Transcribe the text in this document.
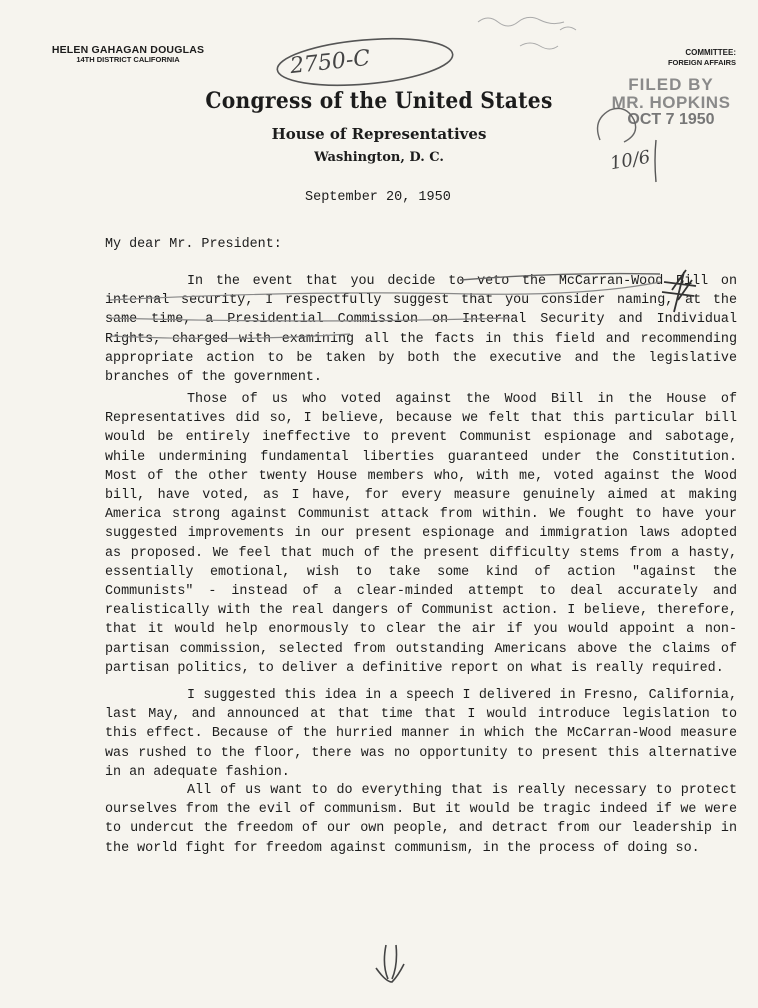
HELEN GAHAGAN DOUGLAS
14TH DISTRICT CALIFORNIA
COMMITTEE:
FOREIGN AFFAIRS
FILED BY
MR. HOPKINS
OCT 7 1950
Congress of the United States
House of Representatives
Washington, D. C.
2750-C
10/6
September 20, 1950
My dear Mr. President:
In the event that you decide to veto the McCarran-Wood Bill on internal security, I respectfully suggest that you consider naming, at the same time, a Presidential Commission on Internal Security and Individual Rights, charged with examining all the facts in this field and recommending appropriate action to be taken by both the executive and the legislative branches of the government.
Those of us who voted against the Wood Bill in the House of Representatives did so, I believe, because we felt that this particular bill would be entirely ineffective to prevent Communist espionage and sabotage, while undermining fundamental liberties guaranteed under the Constitution. Most of the other twenty House members who, with me, voted against the Wood bill, have voted, as I have, for every measure genuinely aimed at making America strong against Communist attack from within. We fought to have your suggested improvements in our present espionage and immigration laws adopted as proposed. We feel that much of the present difficulty stems from a hasty, essentially emotional, wish to take some kind of action "against the Communists" - instead of a clear-minded attempt to deal accurately and realistically with the real dangers of Communist action. I believe, therefore, that it would help enormously to clear the air if you would appoint a non-partisan commission, selected from outstanding Americans above the claims of partisan politics, to deliver a definitive report on what is really required.
I suggested this idea in a speech I delivered in Fresno, California, last May, and announced at that time that I would introduce legislation to this effect. Because of the hurried manner in which the McCarran-Wood measure was rushed to the floor, there was no opportunity to present this alternative in an adequate fashion.
All of us want to do everything that is really necessary to protect ourselves from the evil of communism. But it would be tragic indeed if we were to undercut the freedom of our own people, and detract from our leadership in the world fight for freedom against communism, in the process of doing so.
